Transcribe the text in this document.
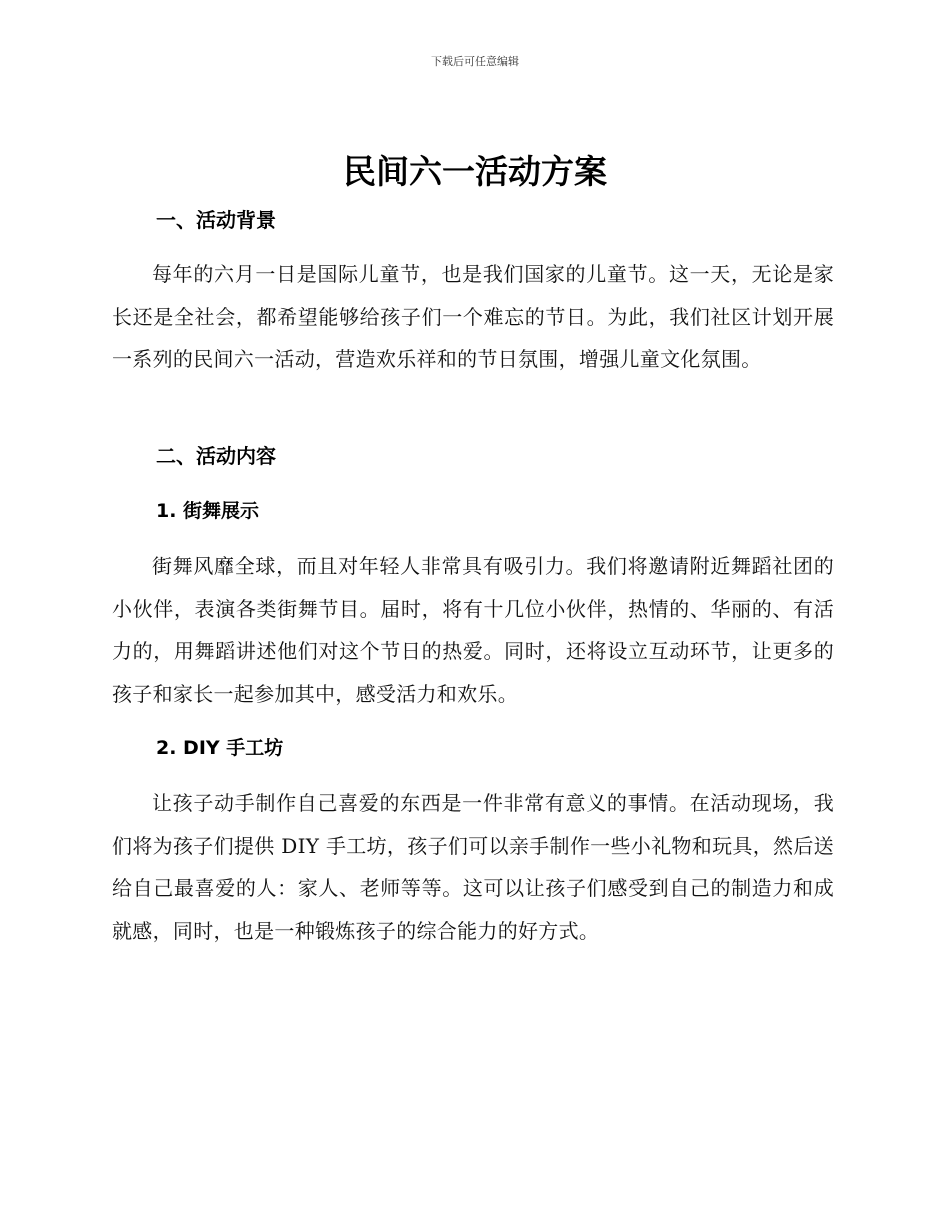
下载后可任意编辑
民间六一活动方案
一、活动背景

每年的六月一日是国际儿童节，也是我们国家的儿童节。这一天，无论是家长还是全社会，都希望能够给孩子们一个难忘的节日。为此，我们社区计划开展一系列的民间六一活动，营造欢乐祥和的节日氛围，增强儿童文化氛围。

二、活动内容
1. 街舞展示

街舞风靡全球，而且对年轻人非常具有吸引力。我们将邀请附近舞蹈社团的小伙伴，表演各类街舞节目。届时，将有十几位小伙伴，热情的、华丽的、有活力的，用舞蹈讲述他们对这个节日的热爱。同时，还将设立互动环节，让更多的孩子和家长一起参加其中，感受活力和欢乐。

2. DIY 手工坊

让孩子动手制作自己喜爱的东西是一件非常有意义的事情。在活动现场，我们将为孩子们提供 DIY 手工坊，孩子们可以亲手制作一些小礼物和玩具，然后送给自己最喜爱的人：家人、老师等等。这可以让孩子们感受到自己的制造力和成就感，同时，也是一种锻炼孩子的综合能力的好方式。
